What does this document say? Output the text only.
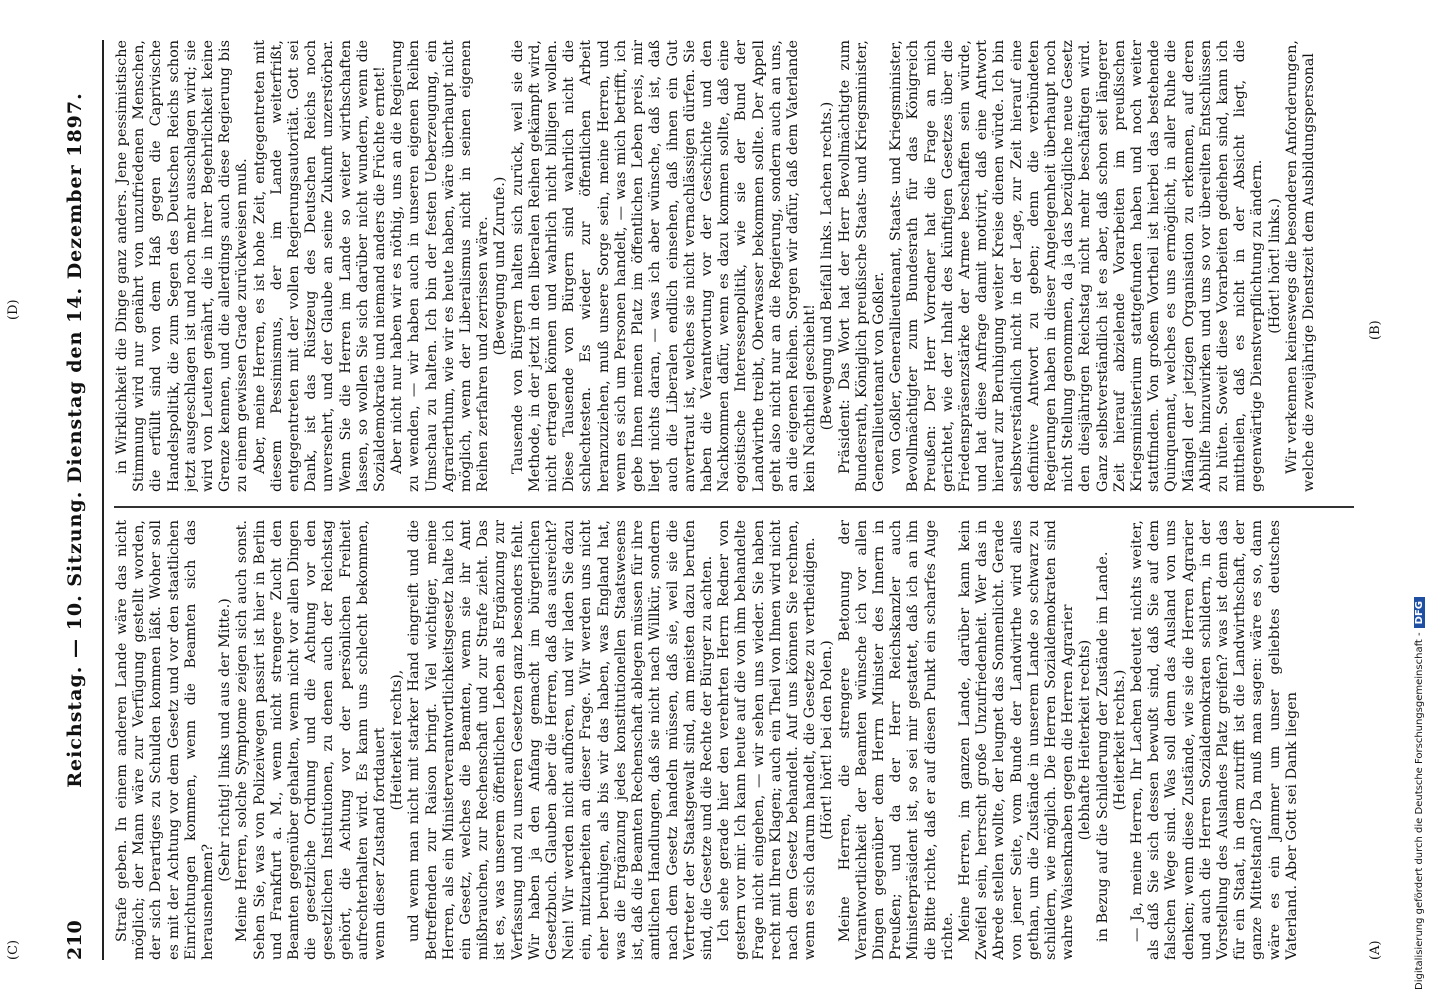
210
Reichstag. — 10. Sitzung. Dienstag den 14. Dezember 1897. Strafe geben. In einem anderen Lande wäre das nicht möglich; der Mann wäre zur Verfügung gestellt worden, der sich Derartiges zu Schulden kommen läßt. Woher soll es mit der Achtung vor dem Gesetz und vor den staatlichen Einrichtungen kommen, wenn die Beamten sich das herausnehmen?

(Sehr richtig! links und aus der Mitte.) Meine Herren, solche Symptome zeigen sich auch sonst. Sehen Sie, was von Polizeiwegen passirt ist hier in Berlin und Frankfurt a. M., wenn nicht strengere Zucht den Beamten gegenüber gehalten, wenn nicht vor allen Dingen die gesetzliche Ordnung und die Achtung vor den gesetzlichen Institutionen, zu denen auch der Reichstag gehört, die Achtung vor der persönlichen Freiheit aufrechterhalten wird. Es kann uns schlecht bekommen, wenn dieser Zustand fortdauert (Heiterkeit rechts), und wenn man nicht mit starker Hand eingreift und die Betreffenden zur Raison bringt. Viel wichtiger, meine Herren, als ein Ministerverantwortlichkeitsgesetz halte ich ein Gesetz, welches die Beamten, wenn sie ihr Amt mißbrauchen, zur Rechenschaft und zur Strafe zieht. Das ist es, was unserem öffentlichen Leben als Ergänzung zur Verfassung und zu unseren Gesetzen ganz besonders fehlt. Wir haben ja den Anfang gemacht im bürgerlichen Gesetzbuch. Glauben aber die Herren, daß das ausreicht? Nein! Wir werden nicht aufhören, und wir laden Sie dazu ein, mitzuarbeiten an dieser Frage. Wir werden uns nicht eher beruhigen, als bis wir das haben, was England hat, was die Ergänzung jedes konstitutionellen Staatswesens ist, daß die Beamten Rechenschaft ablegen müssen für ihre amtlichen Handlungen, daß sie nicht nach Willkür, sondern nach dem Gesetz handeln müssen, daß sie, weil sie die Vertreter der Staatsgewalt sind, am meisten dazu berufen sind, die Gesetze und die Rechte der Bürger zu achten. Ich sehe gerade hier den verehrten Herrn Redner von gestern vor mir. Ich kann heute auf die von ihm behandelte Frage nicht eingehen, — wir sehen uns wieder. Sie haben recht mit Ihren Klagen; auch ein Theil von Ihnen wird nicht nach dem Gesetz behandelt. Auf uns können Sie rechnen, wenn es sich darum handelt, die Gesetze zu vertheidigen. (Hört! hört! bei den Polen.) Meine Herren, die strengere Betonung der Verantwortlichkeit der Beamten wünsche ich vor allen Dingen gegenüber dem Herrn Minister des Innern in Preußen; und da der Herr Reichskanzler auch Ministerpräsident ist, so sei mir gestattet, daß ich an ihn die Bitte richte, daß er auf diesen Punkt ein scharfes Auge richte. Meine Herren, im ganzen Lande, darüber kann kein Zweifel sein, herrscht große Unzufriedenheit. Wer das in Abrede stellen wollte, der leugnet das Sonnenlicht. Gerade von jener Seite, vom Bunde der Landwirthe wird alles gethan, um die Zustände in unserem Lande so schwarz zu schildern, wie möglich. Die Herren Sozialdemokraten sind wahre Waisenknaben gegen die Herren Agrarier (lebhafte Heiterkeit rechts) in Bezug auf die Schilderung der Zustände im Lande. (Heiterkeit rechts.) — Ja, meine Herren, Ihr Lachen bedeutet nichts weiter, als daß Sie sich dessen bewußt sind, daß Sie auf dem falschen Wege sind. Was soll denn das Ausland von uns denken; wenn diese Zustände, wie sie die Herren Agrarier und auch die Herren Sozialdemokraten schildern, in der Vorstellung des Auslandes Platz greifen? was ist denn das für ein Staat, in dem zutrifft ist die Landwirthschaft, der ganze Mittelstand? Da muß man sagen: wäre es so, dann wäre es ein Jammer um unser geliebtes deutsches Vaterland. Aber Gott sei Dank liegen

in Wirklichkeit die Dinge ganz anders. Jene pessimistische Stimmung wird nur genährt von unzufriedenen Menschen, die erfüllt sind von dem Haß gegen die Caprivische Handelspolitik, die zum Segen des Deutschen Reichs schon jetzt ausgeschlagen ist und noch mehr ausschlagen wird; sie wird von Leuten genährt, die in ihrer Begehrlichkeit keine Grenze kennen, und die allerdings auch diese Regierung bis zu einem gewissen Grade zurückweisen muß. Aber, meine Herren, es ist hohe Zeit, entgegentreten mit diesem Pessimismus, der im Lande weiterfrißt, entgegentreten mit der vollen Regierungsautorität. Gott sei Dank, ist das Rüstzeug des Deutschen Reichs noch unversehrt, und der Glaube an seine Zukunft unzerstörbar. Wenn Sie die Herren im Lande so weiter wirthschaften lassen, so wollen Sie sich darüber nicht wundern, wenn die Sozialdemokratie und niemand anders die Früchte erntet! Aber nicht nur haben wir es nöthig, uns an die Regierung zu wenden, — wir haben auch in unseren eigenen Reihen Umschau zu halten. Ich bin der festen Ueberzeugung, ein Agrarierthum, wie wir es heute haben, wäre überhaupt nicht möglich, wenn der Liberalismus nicht in seinen eigenen Reihen zerfahren und zerrissen wäre. (Bewegung und Zurufe.) Tausende von Bürgern halten sich zurück, weil sie die Methode, in der jetzt in den liberalen Reihen gekämpft wird, nicht ertragen können und wahrlich nicht billigen wollen. Diese Tausende von Bürgern sind wahrlich nicht die schlechtesten. Es wieder zur öffentlichen Arbeit heranzuziehen, muß unsere Sorge sein, meine Herren, und wenn es sich um Personen handelt, — was mich betrifft, ich gebe Ihnen meinen Platz im öffentlichen Leben preis, mir liegt nichts daran, — was ich aber wünsche, daß ist, daß auch die Liberalen endlich einsehen, daß ihnen ein Gut anvertraut ist, welches sie nicht vernachlässigen dürfen. Sie haben die Verantwortung vor der Geschichte und den Nachkommen dafür, wenn es dazu kommen sollte, daß eine egoistische Interessenpolitik, wie sie der Bund der Landwirthe treibt, Oberwasser bekommen sollte. Der Appell geht also nicht nur an die Regierung, sondern auch an uns, an die eigenen Reihen. Sorgen wir dafür, daß dem Vaterlande kein Nachtheil geschieht! (Bewegung und Beifall links. Lachen rechts.) Präsident: Das Wort hat der Herr Bevollmächtigte zum Bundesrath, Königlich preußische Staats- und Kriegsminister, Generallieutenant von Goßler. von Goßler, Generallieutenant, Staats- und Kriegsminister, Bevollmächtigter zum Bundesrath für das Königreich Preußen: Der Herr Vorredner hat die Frage an mich gerichtet, wie der Inhalt des künftigen Gesetzes über die Friedenspräsenzstärke der Armee beschaffen sein würde, und hat diese Anfrage damit motivirt, daß eine Antwort hierauf zur Beruhigung weiter Kreise dienen würde. Ich bin selbstverständlich nicht in der Lage, zur Zeit hierauf eine definitive Antwort zu geben; denn die verbündeten Regierungen haben in dieser Angelegenheit überhaupt noch nicht Stellung genommen, da ja das bezügliche neue Gesetz den diesjährigen Reichstag nicht mehr beschäftigen wird. Ganz selbstverständlich ist es aber, daß schon seit längerer Zeit hierauf abzielende Vorarbeiten im preußischen Kriegsministerium stattgefunden haben und noch weiter stattfinden. Von großem Vortheil ist hierbei das bestehende Quinquennat, welches es uns ermöglicht, in aller Ruhe die Mängel der jetzigen Organisation zu erkennen, auf deren Abhilfe hinzuwirken und uns so vor übereilten Entschlüssen zu hüten. Soweit diese Vorarbeiten gediehen sind, kann ich mittheilen, daß es nicht in der Absicht liegt, die gegenwärtige Dienstverpflichtung zu ändern. (Hört! hört! links.) Wir verkennen keineswegs die besonderen Anforderungen, welche die zweijährige Dienstzeit dem Ausbildungspersonal

(A)
(B)
(C)
(D)
Digitalisierung gefördert durch die Deutsche Forschungsgemeinschaft -DFG
